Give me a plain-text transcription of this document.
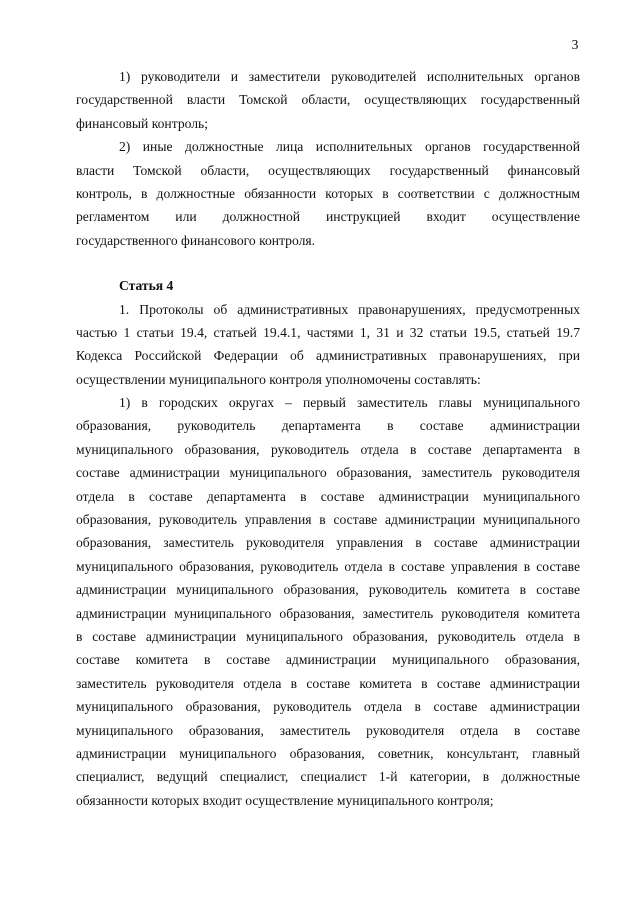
3
1) руководители и заместители руководителей исполнительных органов
государственной власти Томской области, осуществляющих государственный
финансовый контроль;
2) иные должностные лица исполнительных органов государственной
власти Томской области, осуществляющих государственный финансовый
контроль, в должностные обязанности которых в соответствии с должностным
регламентом или должностной инструкцией входит осуществление
государственного финансового контроля.
Статья 4
1. Протоколы об административных правонарушениях, предусмотренных
частью 1 статьи 19.4, статьей 19.4.1, частями 1, 31 и 32 статьи 19.5, статьей 19.7
Кодекса Российской Федерации об административных правонарушениях, при
осуществлении муниципального контроля уполномочены составлять:
1) в городских округах – первый заместитель главы муниципального
образования, руководитель департамента в составе администрации
муниципального образования, руководитель отдела в составе департамента в
составе администрации муниципального образования, заместитель руководителя
отдела в составе департамента в составе администрации муниципального
образования, руководитель управления в составе администрации муниципального
образования, заместитель руководителя управления в составе администрации
муниципального образования, руководитель отдела в составе управления в составе
администрации муниципального образования, руководитель комитета в составе
администрации муниципального образования, заместитель руководителя комитета
в составе администрации муниципального образования, руководитель отдела в
составе комитета в составе администрации муниципального образования,
заместитель руководителя отдела в составе комитета в составе администрации
муниципального образования, руководитель отдела в составе администрации
муниципального образования, заместитель руководителя отдела в составе
администрации муниципального образования, советник, консультант, главный
специалист, ведущий специалист, специалист 1-й категории, в должностные
обязанности которых входит осуществление муниципального контроля;
